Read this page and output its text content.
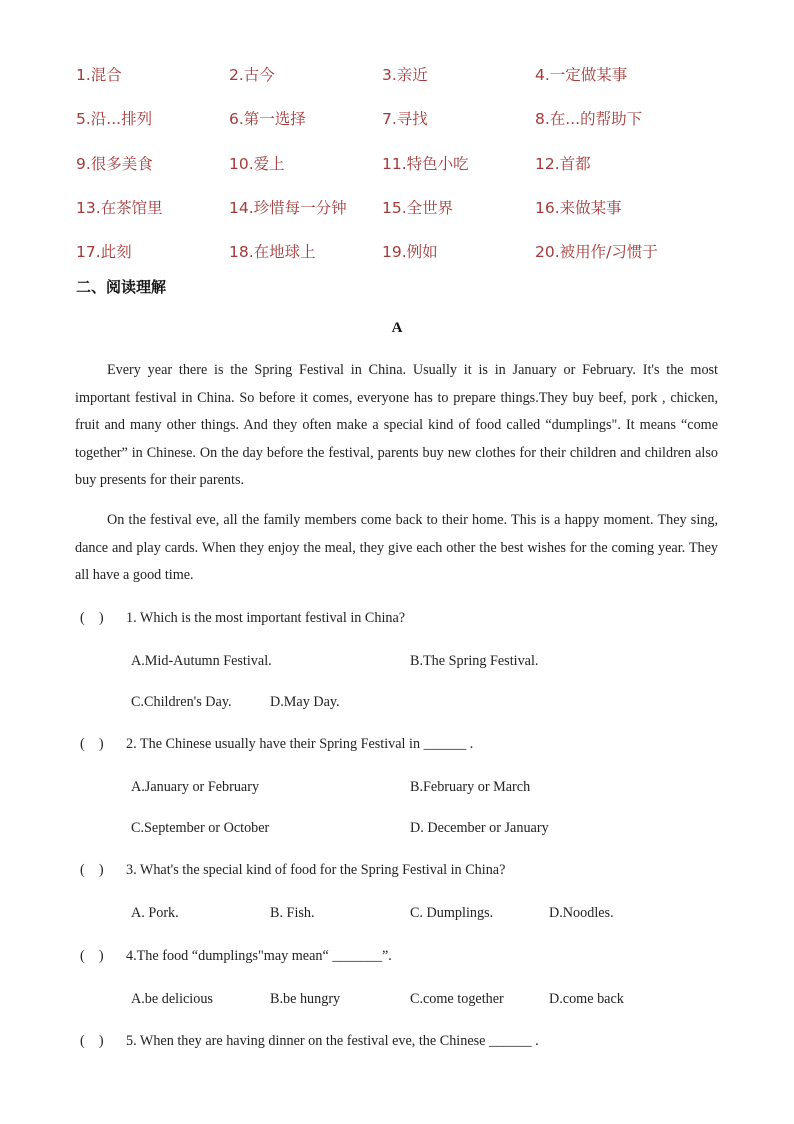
1.混合	2.古今	3.亲近	4.一定做某事
5.沿...排列	6.第一选择	7.寻找	8.在...的帮助下
9.很多美食	10.爱上	11.特色小吃	12.首都
13.在茶馆里	14.珍惜每一分钟	15.全世界	16.来做某事
17.此刻	18.在地球上	19.例如	20.被用作/习惯于
二、阅读理解
A
Every year there is the Spring Festival in China. Usually it is in January or February. It's the most important festival in China. So before it comes, everyone has to prepare things.They buy beef, pork , chicken, fruit and many other things. And they often make a special kind of food called “dumplings". It means “come together” in Chinese. On the day before the festival, parents buy new clothes for their children and children also buy presents for their parents.
On the festival eve, all the family members come back to their home. This is a happy moment. They sing, dance and play cards. When they enjoy the meal, they give each other the best wishes for the coming year. They all have a good time.
(    ) 1. Which is the most important festival in China?
A.Mid-Autumn Festival.	B.The Spring Festival.
C.Children's Day.	D.May Day.
(    ) 2. The Chinese usually have their Spring Festival in ______ .
A.January or February	B.February or March
C.September or October	D. December or January
(    ) 3. What's the special kind of food for the Spring Festival in China?
A. Pork.	B. Fish.	C. Dumplings.	D.Noodles.
(    ) 4.The food “dumplings"may mean“ _______”.
A.be delicious	B.be hungry	C.come together	D.come back
(    ) 5. When they are having dinner on the festival eve, the Chinese ______ .
